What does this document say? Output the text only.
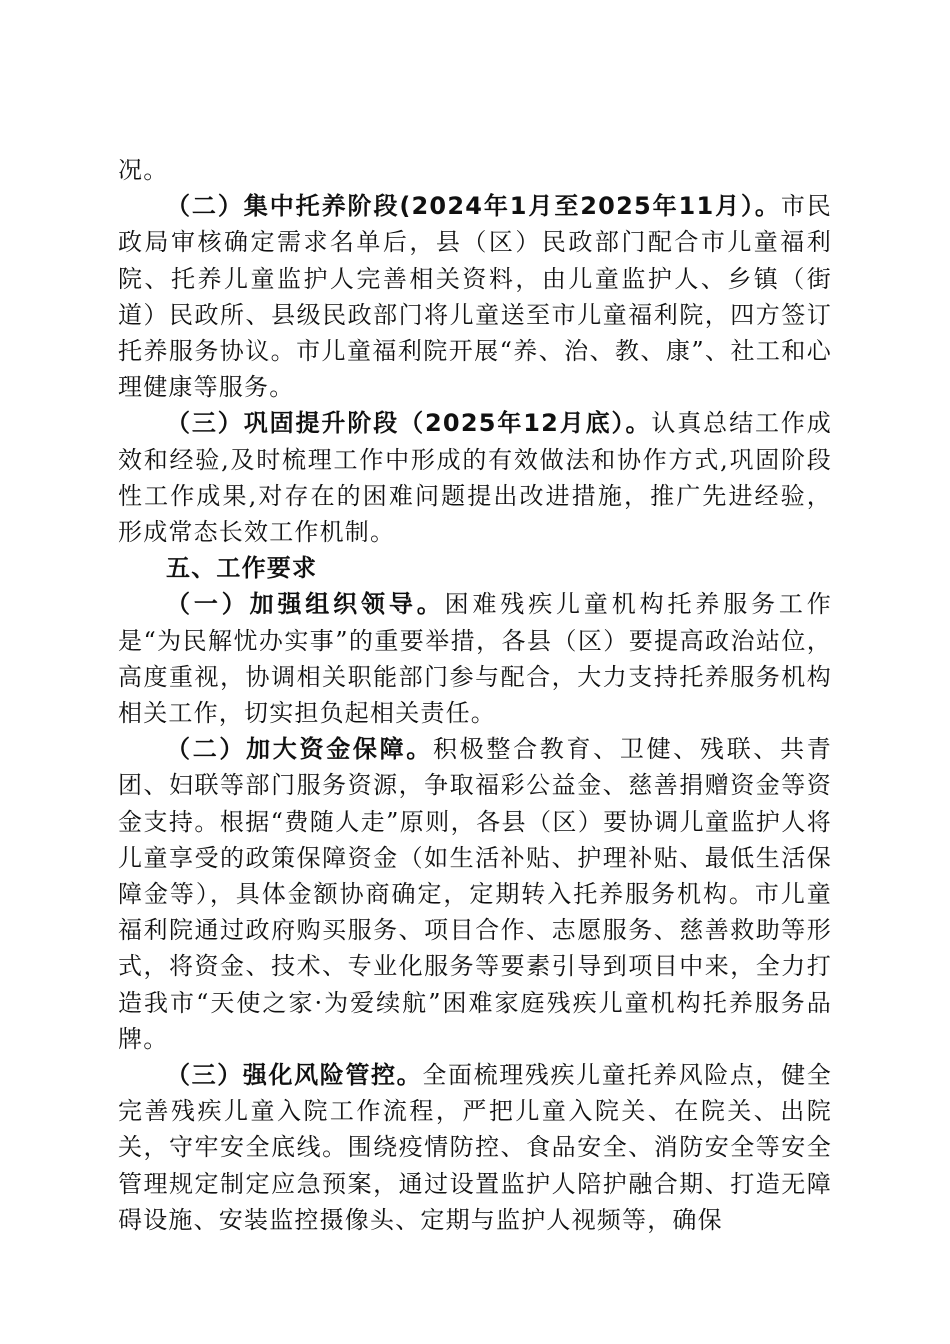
况。

（二）集中托养阶段(2024年1月至2025年11月）。市民政局审核确定需求名单后，县（区）民政部门配合市儿童福利院、托养儿童监护人完善相关资料，由儿童监护人、乡镇（街道）民政所、县级民政部门将儿童送至市儿童福利院，四方签订托养服务协议。市儿童福利院开展“养、治、教、康”、社工和心理健康等服务。

（三）巩固提升阶段（2025年12月底）。认真总结工作成效和经验,及时梳理工作中形成的有效做法和协作方式,巩固阶段性工作成果,对存在的困难问题提出改进措施，推广先进经验，形成常态长效工作机制。

五、工作要求

（一）加强组织领导。困难残疾儿童机构托养服务工作是“为民解忧办实事”的重要举措，各县（区）要提高政治站位，高度重视，协调相关职能部门参与配合，大力支持托养服务机构相关工作，切实担负起相关责任。

（二）加大资金保障。积极整合教育、卫健、残联、共青团、妇联等部门服务资源，争取福彩公益金、慈善捐赠资金等资金支持。根据“费随人走”原则，各县（区）要协调儿童监护人将儿童享受的政策保障资金（如生活补贴、护理补贴、最低生活保障金等），具体金额协商确定，定期转入托养服务机构。市儿童福利院通过政府购买服务、项目合作、志愿服务、慈善救助等形式，将资金、技术、专业化服务等要素引导到项目中来，全力打造我市“天使之家·为爱续航”困难家庭残疾儿童机构托养服务品牌。

（三）强化风险管控。全面梳理残疾儿童托养风险点，健全完善残疾儿童入院工作流程，严把儿童入院关、在院关、出院关，守牢安全底线。围绕疫情防控、食品安全、消防安全等安全管理规定制定应急预案，通过设置监护人陪护融合期、打造无障碍设施、安装监控摄像头、定期与监护人视频等，确保
